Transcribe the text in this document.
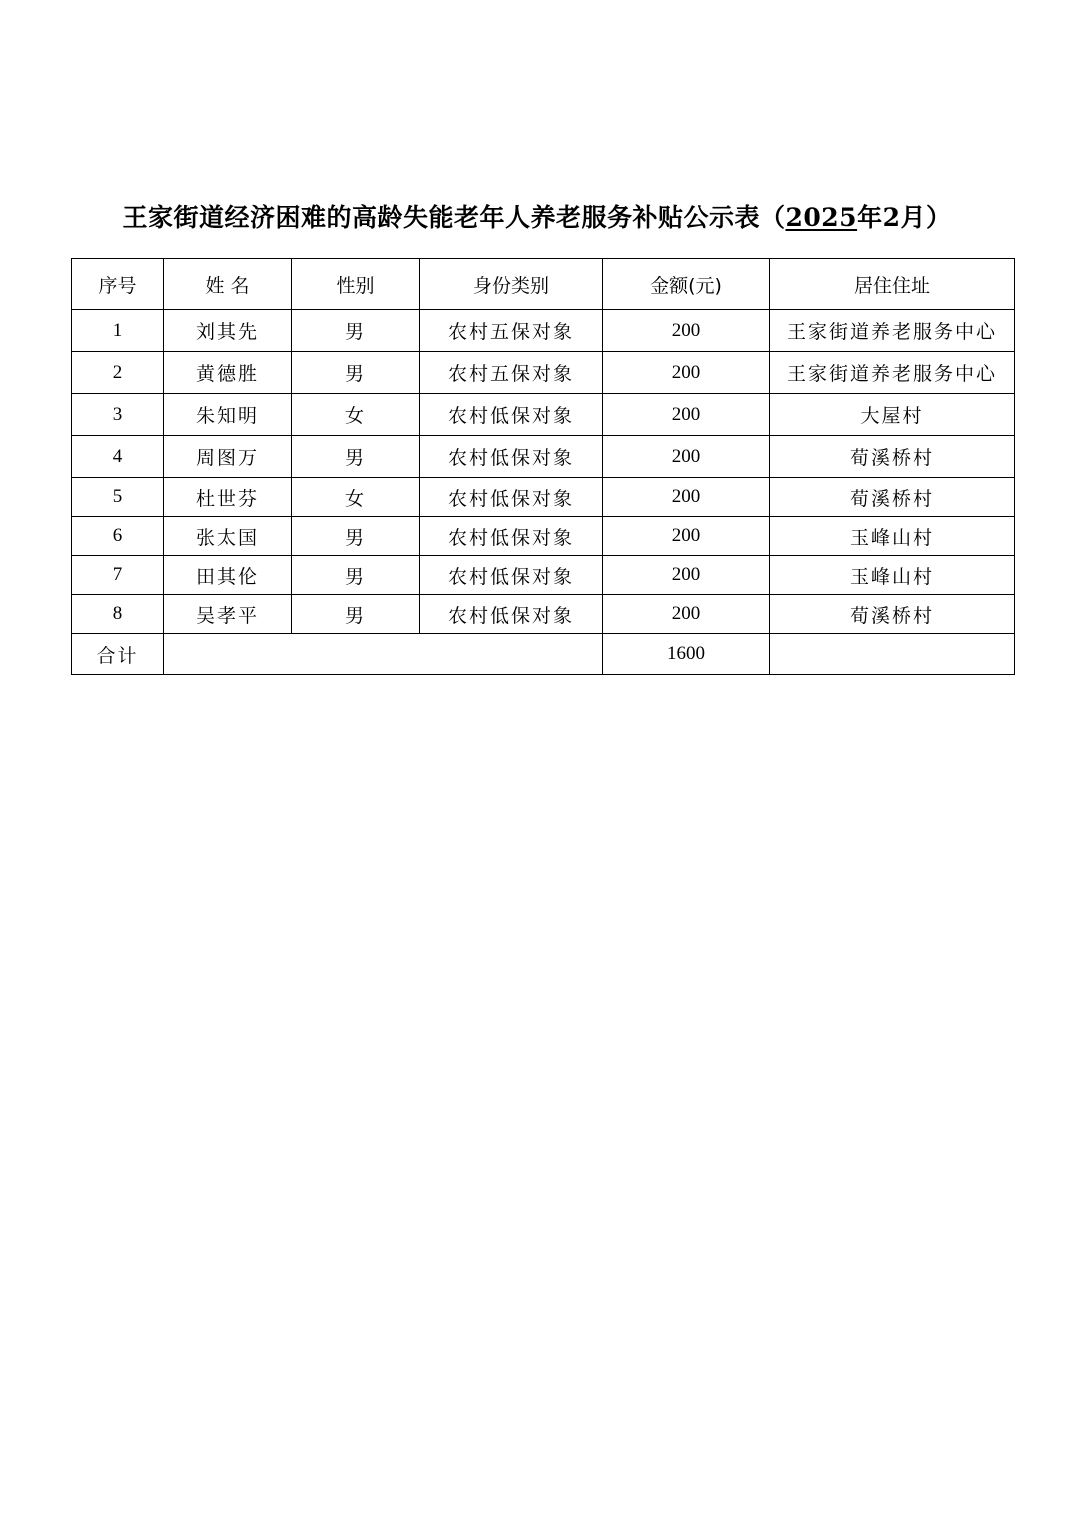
王家街道经济困难的高龄失能老年人养老服务补贴公示表（2025年2月）
序号	姓 名	性别	身份类别	金额(元)	居住住址
1	刘其先	男	农村五保对象	200	王家街道养老服务中心
2	黄德胜	男	农村五保对象	200	王家街道养老服务中心
3	朱知明	女	农村低保对象	200	大屋村
4	周图万	男	农村低保对象	200	荀溪桥村
5	杜世芬	女	农村低保对象	200	荀溪桥村
6	张太国	男	农村低保对象	200	玉峰山村
7	田其伦	男	农村低保对象	200	玉峰山村
8	吴孝平	男	农村低保对象	200	荀溪桥村
合计				1600	
